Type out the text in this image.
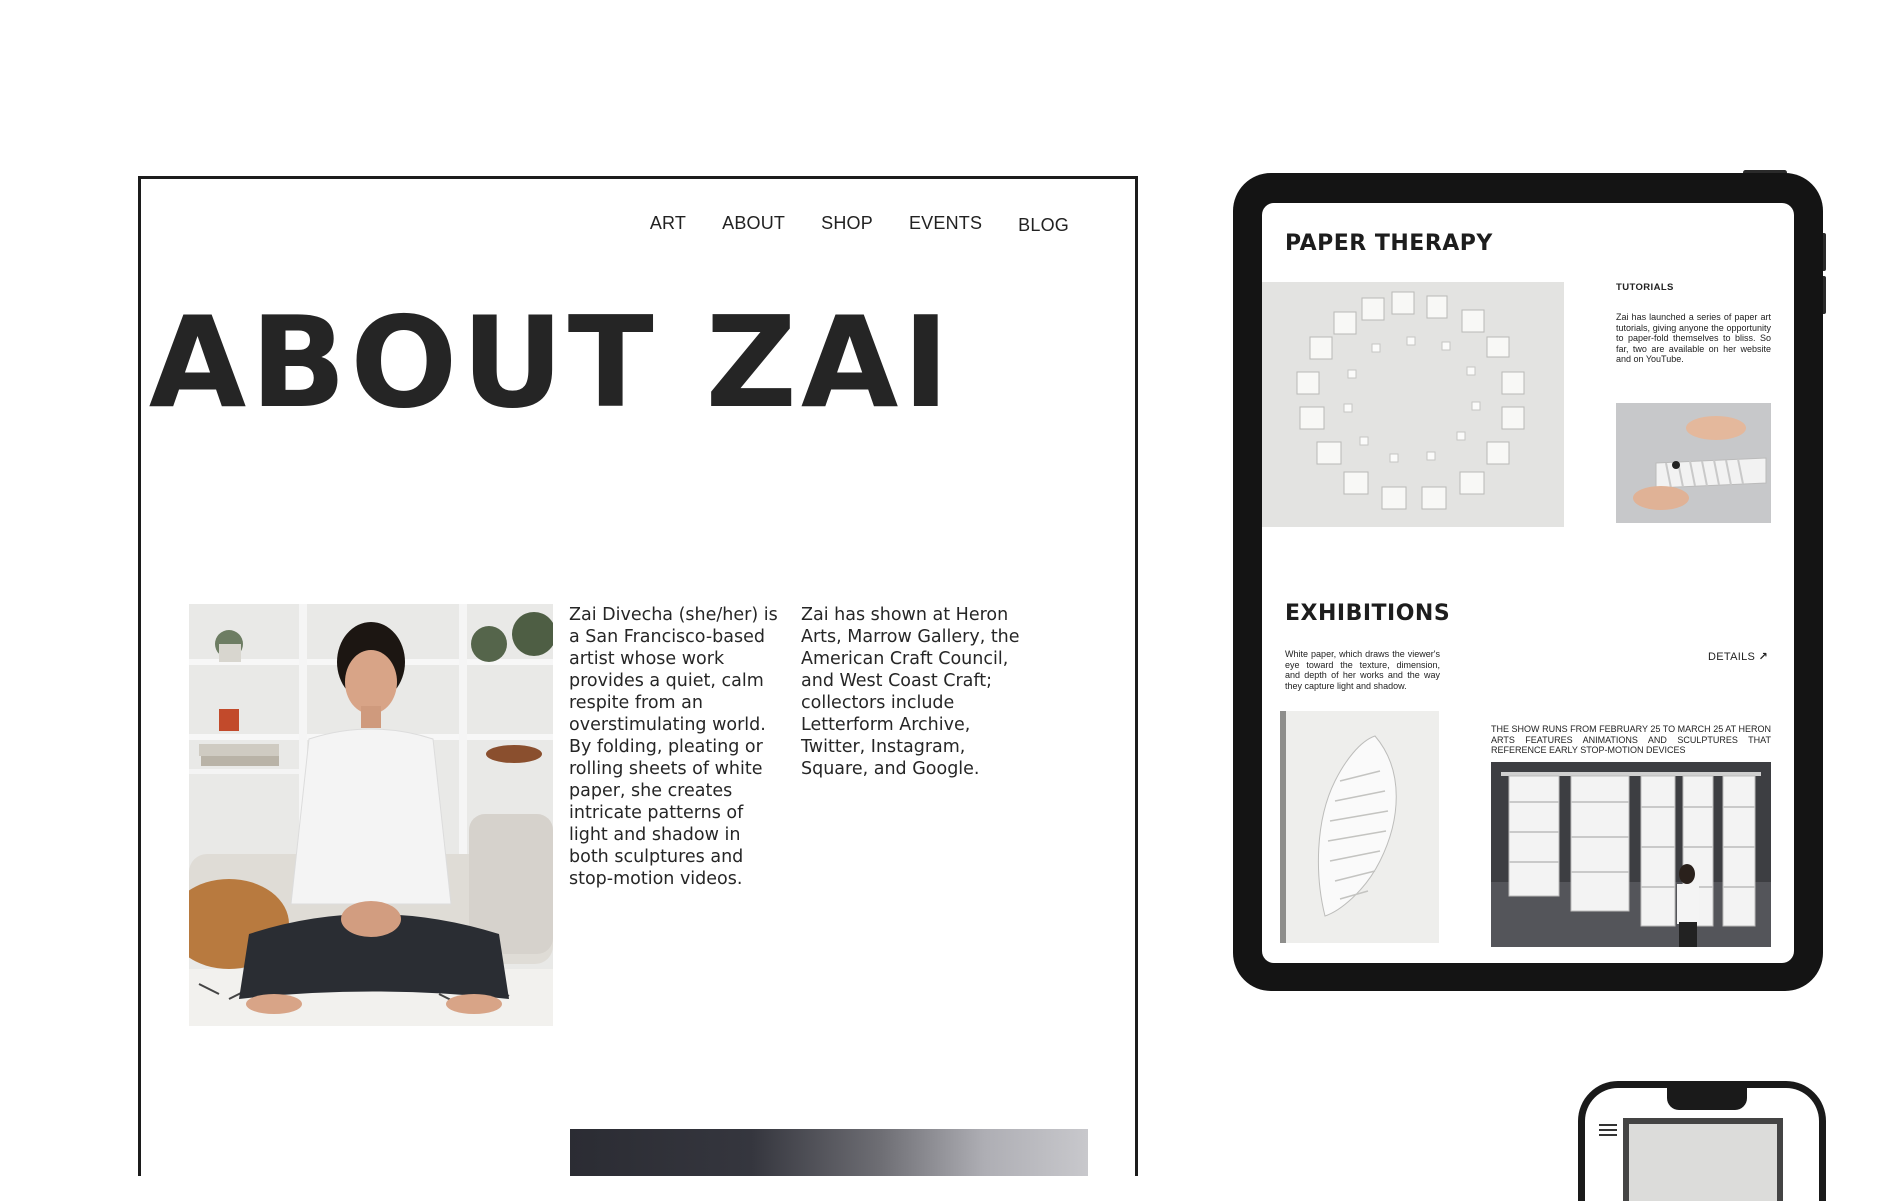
ART ABOUT SHOP EVENTS BLOG
ABOUT ZAI

Zai Divecha (she/her) is a San Francisco-based artist whose work provides a quiet, calm respite from an overstimulating world. By folding, pleating or rolling sheets of white paper, she creates intricate patterns of light and shadow in both sculptures and stop-motion videos.

Zai has shown at Heron Arts, Marrow Gallery, the American Craft Council, and West Coast Craft; collectors include Letterform Archive, Twitter, Instagram, Square, and Google.

PAPER THERAPY
TUTORIALS

Zai has launched a series of paper art tutorials, giving anyone the opportunity to paper-fold themselves to bliss. So far, two are available on her website and on YouTube.

EXHIBITIONS

White paper, which draws the viewer's eye toward the texture, dimension, and depth of her works and the way they capture light and shadow.

DETAILS ↗

THE SHOW RUNS FROM FEBRUARY 25 TO MARCH 25 AT HERON ARTS FEATURES ANIMATIONS AND SCULPTURES THAT REFERENCE EARLY STOP-MOTION DEVICES
